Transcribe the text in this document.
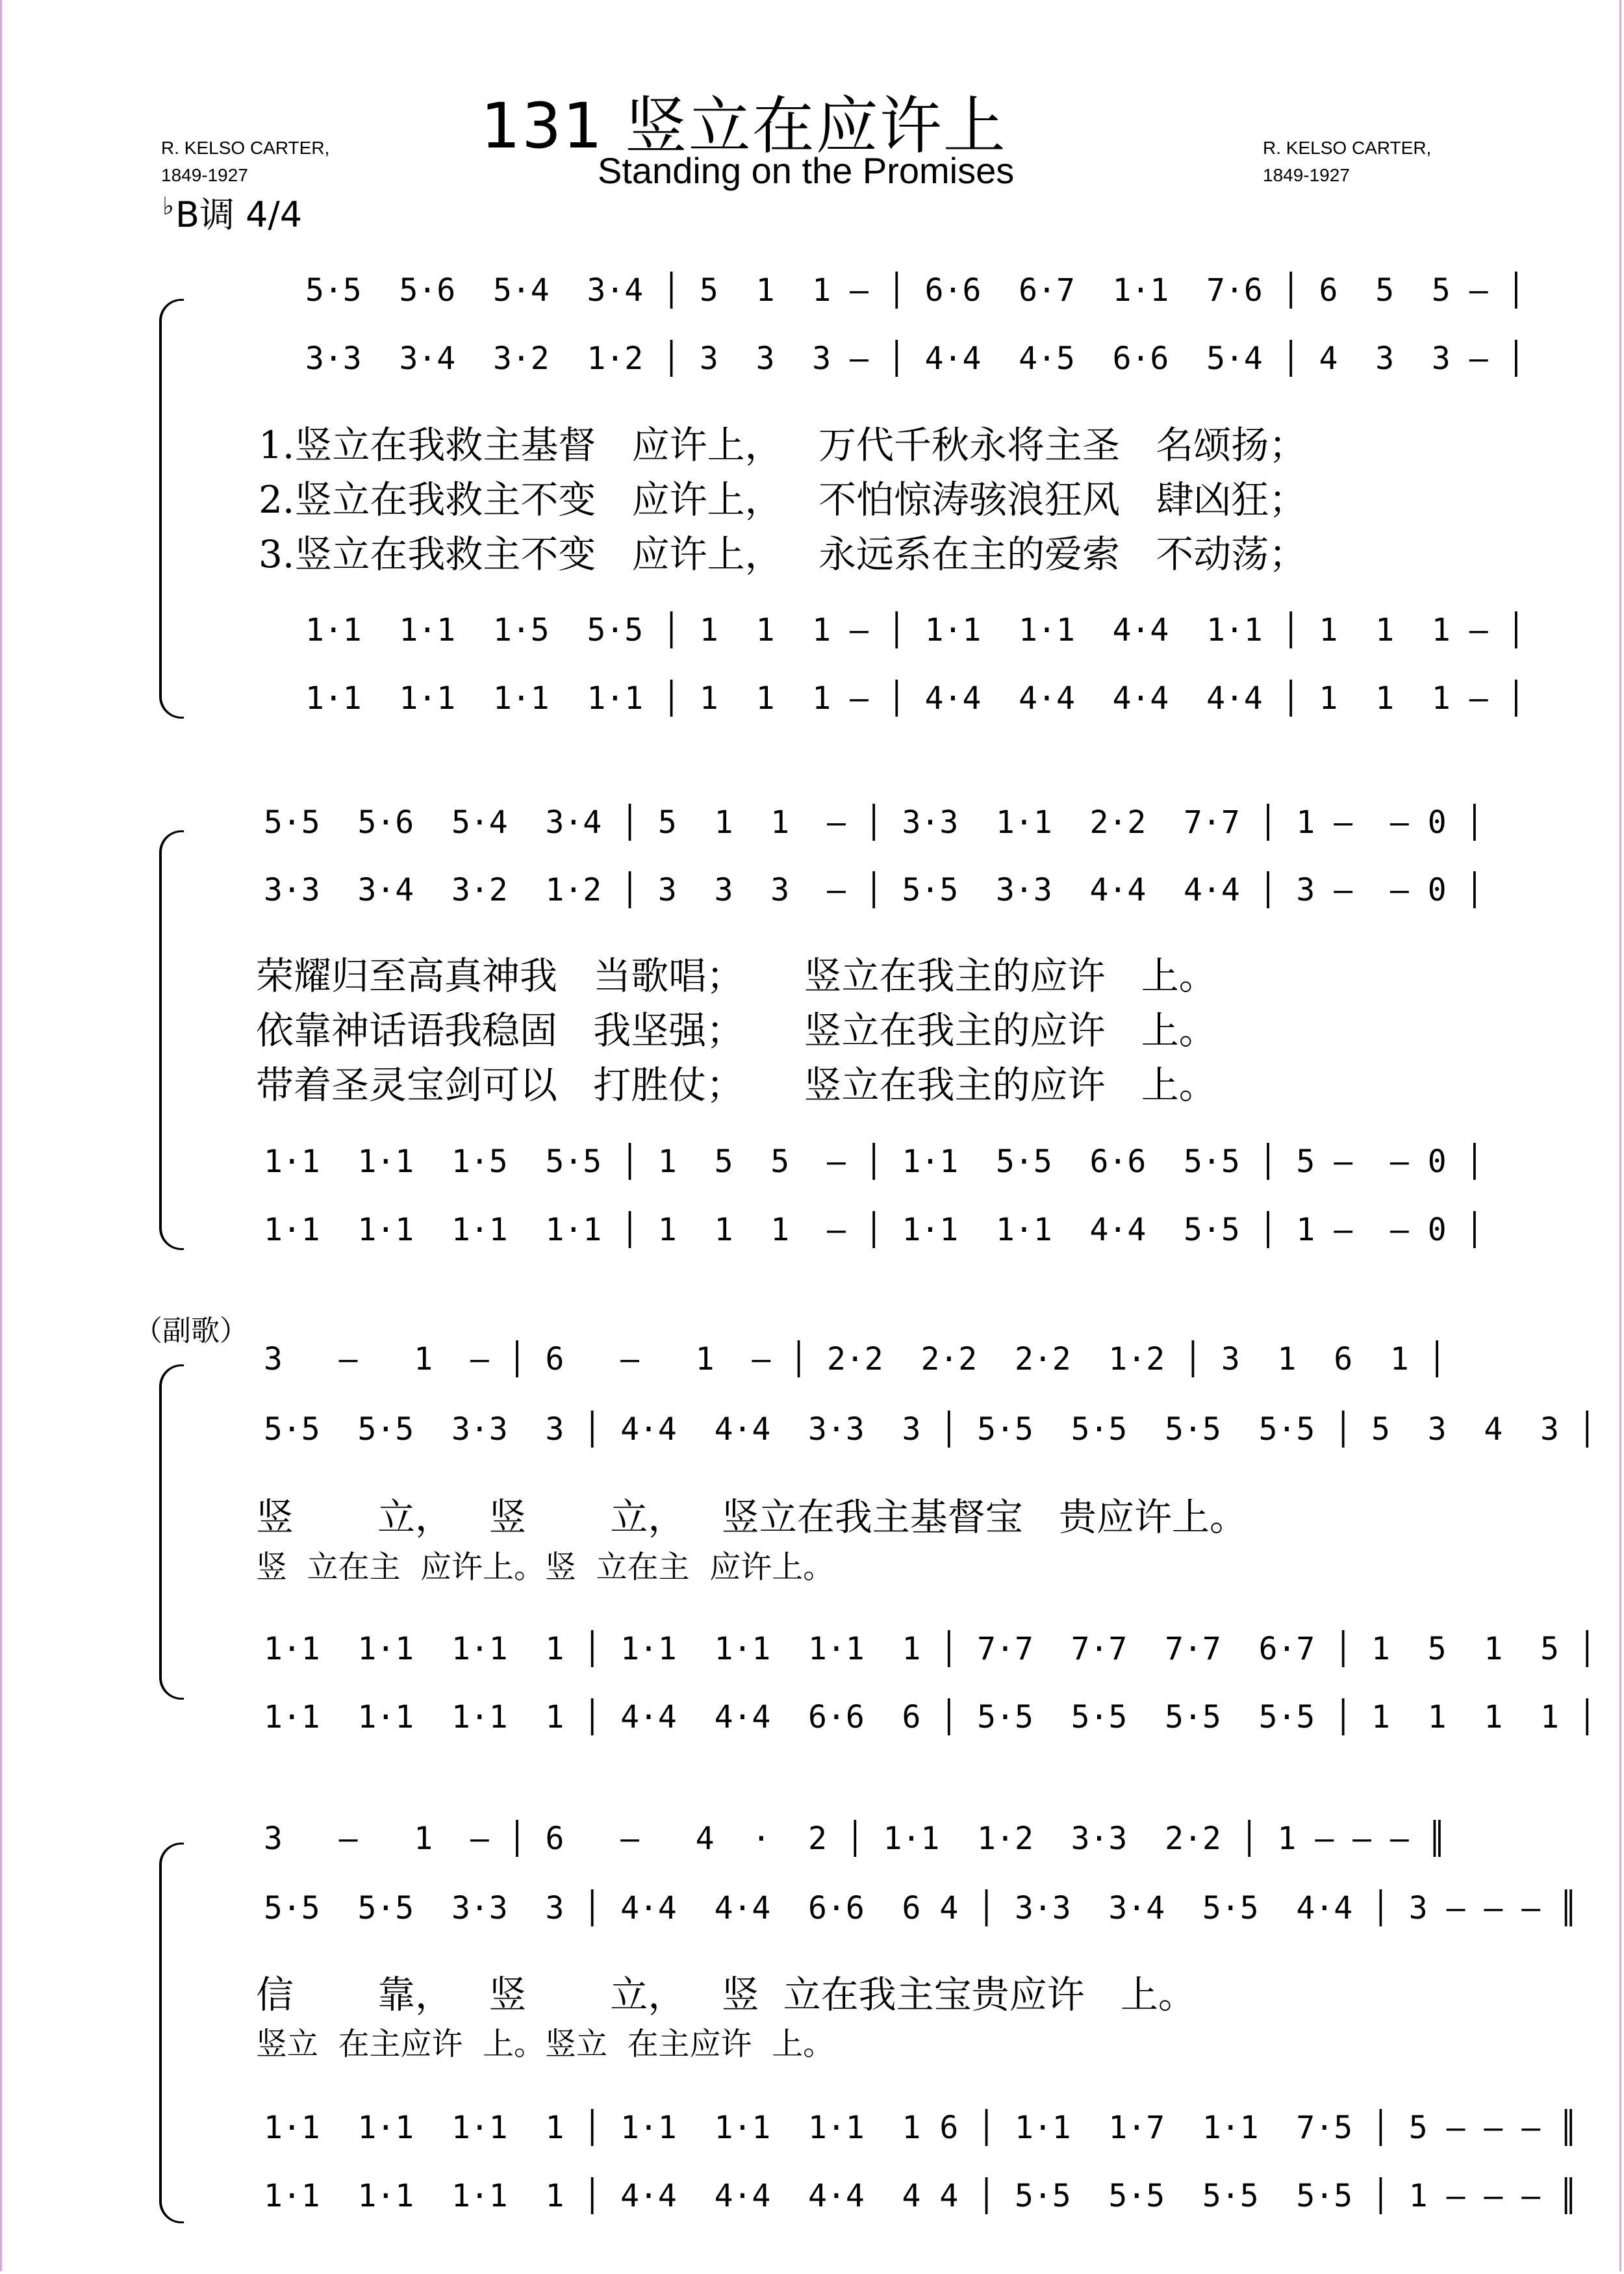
131 竖立在应许上
Standing on the Promises
R. KELSO CARTER,
1849-1927
R. KELSO CARTER,
1849-1927
♭B调 4/4
5·5  5·6  5·4  3·4 │ 5  1  1 — │ 6·6  6·7  1·1  7·6 │ 6  5  5 — │
3·3  3·4  3·2  1·2 │ 3  3  3 — │ 4·4  4·5  6·6  5·4 │ 4  3  3 — │
1.竖立在我救主基督   应许上，   万代千秋永将主圣   名颂扬；
2.竖立在我救主不变   应许上，   不怕惊涛骇浪狂风   肆凶狂；
3.竖立在我救主不变   应许上，   永远系在主的爱索   不动荡；
1·1  1·1  1·5  5·5 │ 1  1  1 — │ 1·1  1·1  4·4  1·1 │ 1  1  1 — │
1·1  1·1  1·1  1·1 │ 1  1  1 — │ 4·4  4·4  4·4  4·4 │ 1  1  1 — │
5·5  5·6  5·4  3·4 │ 5  1  1  — │ 3·3  1·1  2·2  7·7 │ 1 —  — 0 │
3·3  3·4  3·2  1·2 │ 3  3  3  — │ 5·5  3·3  4·4  4·4 │ 3 —  — 0 │
荣耀归至高真神我   当歌唱；     竖立在我主的应许   上。
依靠神话语我稳固   我坚强；     竖立在我主的应许   上。
带着圣灵宝剑可以   打胜仗；     竖立在我主的应许   上。
1·1  1·1  1·5  5·5 │ 1  5  5  — │ 1·1  5·5  6·6  5·5 │ 5 —  — 0 │
1·1  1·1  1·1  1·1 │ 1  1  1  — │ 1·1  1·1  4·4  5·5 │ 1 —  — 0 │
（副歌）
3   —   1  — │ 6   —   1  — │ 2·2  2·2  2·2  1·2 │ 3  1  6  1 │
5·5  5·5  3·3  3 │ 4·4  4·4  3·3  3 │ 5·5  5·5  5·5  5·5 │ 5  3  4  3 │
竖       立，   竖       立，   竖立在我主基督宝   贵应许上。
竖  立在主  应许上。竖  立在主  应许上。
1·1  1·1  1·1  1 │ 1·1  1·1  1·1  1 │ 7·7  7·7  7·7  6·7 │ 1  5  1  5 │
1·1  1·1  1·1  1 │ 4·4  4·4  6·6  6 │ 5·5  5·5  5·5  5·5 │ 1  1  1  1 │
3   —   1  — │ 6   —   4  ·  2 │ 1·1  1·2  3·3  2·2 │ 1 — — — ║
5·5  5·5  3·3  3 │ 4·4  4·4  6·6  6 4 │ 3·3  3·4  5·5  4·4 │ 3 — — — ║
信       靠，   竖       立，   竖  立在我主宝贵应许   上。
竖立  在主应许  上。竖立  在主应许  上。
1·1  1·1  1·1  1 │ 1·1  1·1  1·1  1 6 │ 1·1  1·7  1·1  7·5 │ 5 — — — ║
1·1  1·1  1·1  1 │ 4·4  4·4  4·4  4 4 │ 5·5  5·5  5·5  5·5 │ 1 — — — ║
